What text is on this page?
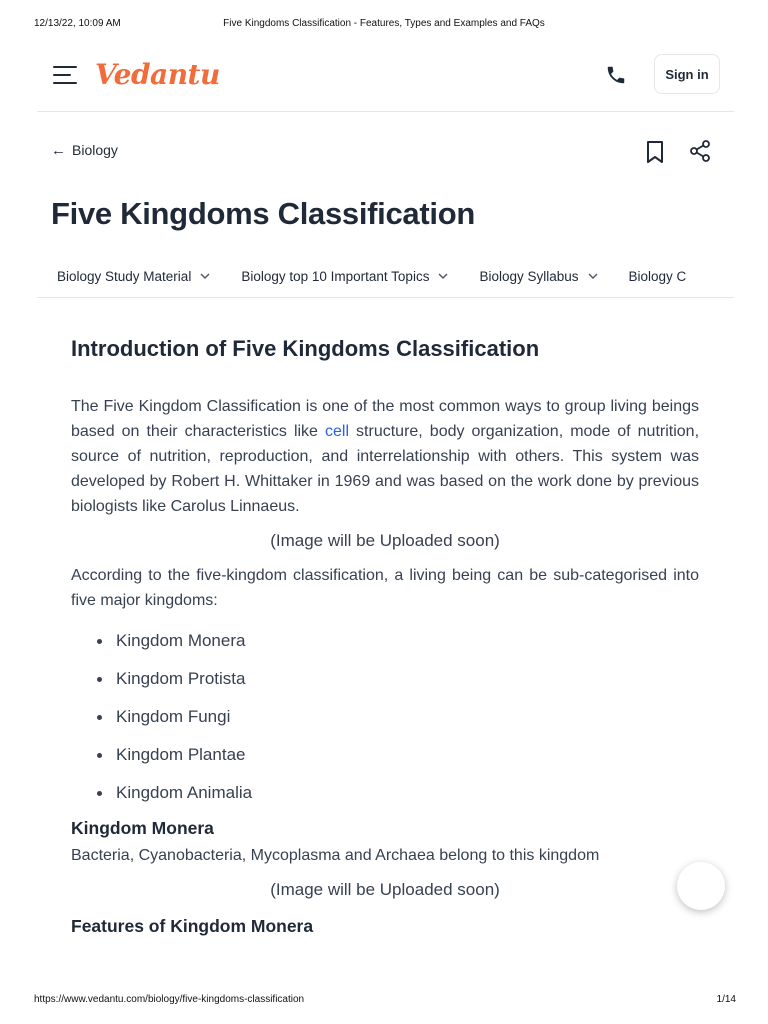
12/13/22, 10:09 AM	Five Kingdoms Classification - Features, Types and Examples and FAQs
Vedantu	Sign in
← Biology
Five Kingdoms Classification
Biology Study Material	Biology top 10 Important Topics	Biology Syllabus	Biology C
Introduction of Five Kingdoms Classification

The Five Kingdom Classification is one of the most common ways to group living beings based on their characteristics like cell structure, body organization, mode of nutrition, source of nutrition, reproduction, and interrelationship with others. This system was developed by Robert H. Whittaker in 1969 and was based on the work done by previous biologists like Carolus Linnaeus.

(Image will be Uploaded soon)

According to the five-kingdom classification, a living being can be sub-categorised into five major kingdoms:

Kingdom Monera
Kingdom Protista
Kingdom Fungi
Kingdom Plantae
Kingdom Animalia
Kingdom Monera

Bacteria, Cyanobacteria, Mycoplasma and Archaea belong to this kingdom

(Image will be Uploaded soon)

Features of Kingdom Monera
https://www.vedantu.com/biology/five-kingdoms-classification	1/14
